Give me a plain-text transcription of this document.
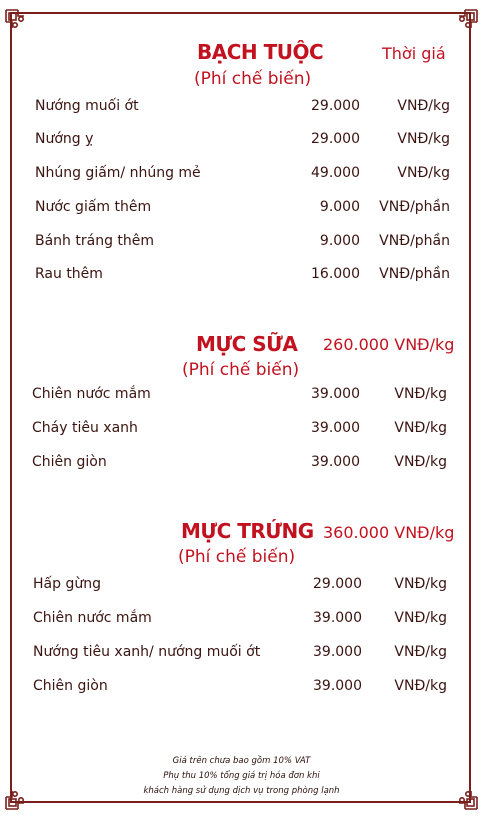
BẠCH TUỘC	Thời giá
(Phí chế biến)
Nướng muối ớt	29.000	VNĐ/kg
Nướng ỵ	29.000	VNĐ/kg
Nhúng giấm/ nhúng mẻ	49.000	VNĐ/kg
Nước giấm thêm	9.000	VNĐ/phần
Bánh tráng thêm	9.000	VNĐ/phần
Rau thêm	16.000	VNĐ/phần
MỰC SỮA 260.000 VNĐ/kg
(Phí chế biến)
Chiên nước mắm	39.000	VNĐ/kg
Cháy tiêu xanh	39.000	VNĐ/kg
Chiên giòn	39.000	VNĐ/kg
MỰC TRỨNG 360.000 VNĐ/kg
(Phí chế biến)
Hấp gừng	29.000	VNĐ/kg
Chiên nước mắm	39.000	VNĐ/kg
Nướng tiêu xanh/ nướng muối ớt	39.000	VNĐ/kg
Chiên giòn	39.000	VNĐ/kg
Giá trên chưa bao gồm 10% VAT
Phụ thu 10% tổng giá trị hóa đơn khi
khách hàng sử dụng dịch vụ trong phòng lạnh
